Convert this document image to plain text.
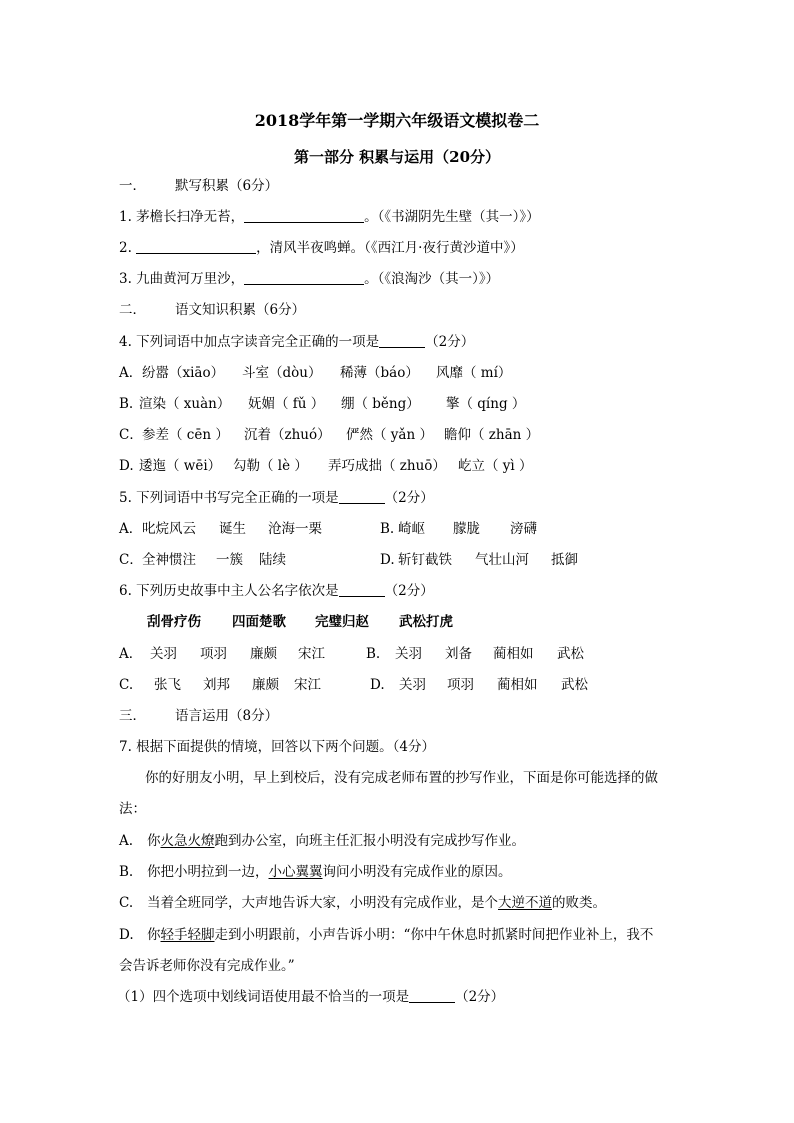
2018学年第一学期六年级语文模拟卷二
第一部分 积累与运用（20分）
一． 默写积累（6分）
1. 茅檐长扫净无苔，	。（《书湖阴先生壁（其一）》）
2.	，清风半夜鸣蝉。（《西江月·夜行黄沙道中》）
3. 九曲黄河万里沙，	。（《浪淘沙（其一）》）
二． 语文知识积累（6分）
4. 下列词语中加点字读音完全正确的一项是	（2分）
A． 纷嚣（xiāo） 斗室（dòu） 稀薄（báo） 风靡（ mí）
B. 渲染（ xuàn） 妩媚（ fǔ ） 绷（ běng） 擎（ qíng ）
C． 参差（ cēn ） 沉着（zhuó） 俨然（ yǎn ） 瞻仰（ zhān ）
D. 逶迤（ wēi） 勾勒（ lè ） 弄巧成拙（ zhuō） 屹立（ yì ）
5. 下列词语中书写完全正确的一项是	（2分）
A． 叱烷风云 诞生 沧海一栗	B. 崎岖 朦胧 滂礴
C． 全神惯注 一簇 陆续	D. 斩钉截铁 气壮山河 抵御
6. 下列历史故事中主人公名字依次是	（2分）
刮骨疗伤 四面楚歌 完璧归赵 武松打虎
A． 关羽 项羽 廉颇 宋江	B. 关羽 刘备 蔺相如 武松
C. 张飞 刘邦 廉颇 宋江	D. 关羽 项羽 蔺相如 武松
三． 语言运用（8分）
7. 根据下面提供的情境，回答以下两个问题。（4分）
你的好朋友小明，早上到校后，没有完成老师布置的抄写作业，下面是你可能选择的做
法：
A. 你火急火燎跑到办公室，向班主任汇报小明没有完成抄写作业。
B. 你把小明拉到一边，小心翼翼询问小明没有完成作业的原因。
C. 当着全班同学，大声地告诉大家，小明没有完成作业，是个大逆不道的败类。
D. 你轻手轻脚走到小明跟前，小声告诉小明：“你中午休息时抓紧时间把作业补上，我不
会告诉老师你没有完成作业。”
（1）四个选项中划线词语使用最不恰当的一项是	（2分）
